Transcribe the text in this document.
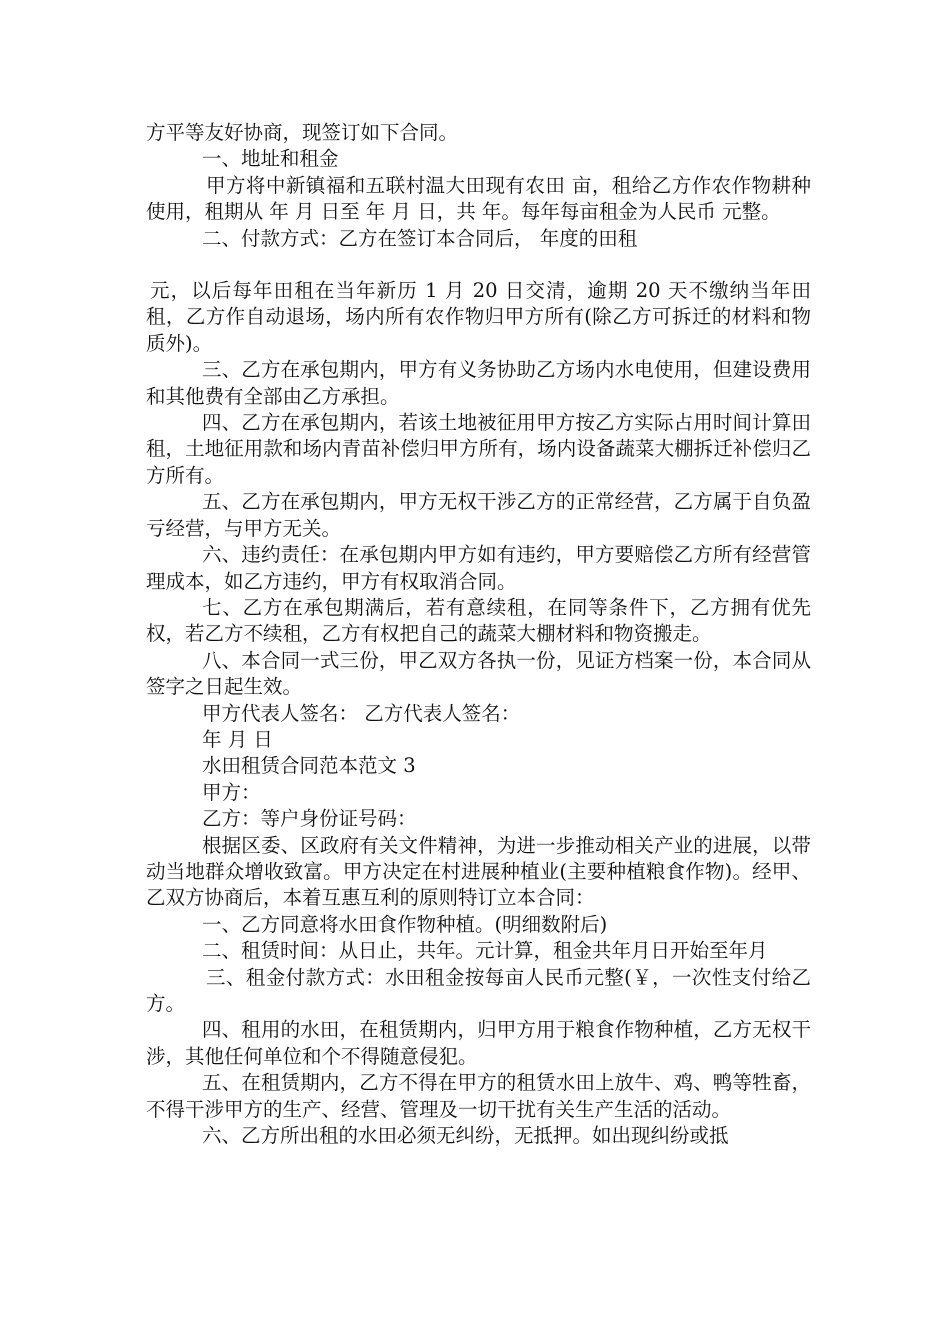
方平等友好协商，现签订如下合同。

一、地址和租金

甲方将中新镇福和五联村温大田现有农田 亩，租给乙方作农作物耕种使用，租期从 年 月 日至 年 月 日，共 年。每年每亩租金为人民币 元整。

二、付款方式：乙方在签订本合同后， 年度的田租

元，以后每年田租在当年新历 1 月 20 日交清，逾期 20 天不缴纳当年田租，乙方作自动退场，场内所有农作物归甲方所有(除乙方可拆迁的材料和物质外)。

三、乙方在承包期内，甲方有义务协助乙方场内水电使用，但建设费用和其他费有全部由乙方承担。

四、乙方在承包期内，若该土地被征用甲方按乙方实际占用时间计算田租，土地征用款和场内青苗补偿归甲方所有，场内设备蔬菜大棚拆迁补偿归乙方所有。

五、乙方在承包期内，甲方无权干涉乙方的正常经营，乙方属于自负盈亏经营，与甲方无关。

六、违约责任：在承包期内甲方如有违约，甲方要赔偿乙方所有经营管理成本，如乙方违约，甲方有权取消合同。

七、乙方在承包期满后，若有意续租，在同等条件下，乙方拥有优先权，若乙方不续租，乙方有权把自己的蔬菜大棚材料和物资搬走。

八、本合同一式三份，甲乙双方各执一份，见证方档案一份，本合同从签字之日起生效。

甲方代表人签名： 乙方代表人签名：

年 月 日

水田租赁合同范本范文 3

甲方：

乙方：等户身份证号码：

根据区委、区政府有关文件精神，为进一步推动相关产业的进展，以带动当地群众增收致富。甲方决定在村进展种植业(主要种植粮食作物)。经甲、乙双方协商后，本着互惠互利的原则特订立本合同：

一、乙方同意将水田食作物种植。(明细数附后)

二、租赁时间：从日止，共年。元计算，租金共年月日开始至年月

三、租金付款方式：水田租金按每亩人民币元整(￥，一次性支付给乙方。

四、租用的水田，在租赁期内，归甲方用于粮食作物种植，乙方无权干涉，其他任何单位和个不得随意侵犯。

五、在租赁期内，乙方不得在甲方的租赁水田上放牛、鸡、鸭等牲畜，不得干涉甲方的生产、经营、管理及一切干扰有关生产生活的活动。

六、乙方所出租的水田必须无纠纷，无抵押。如出现纠纷或抵
